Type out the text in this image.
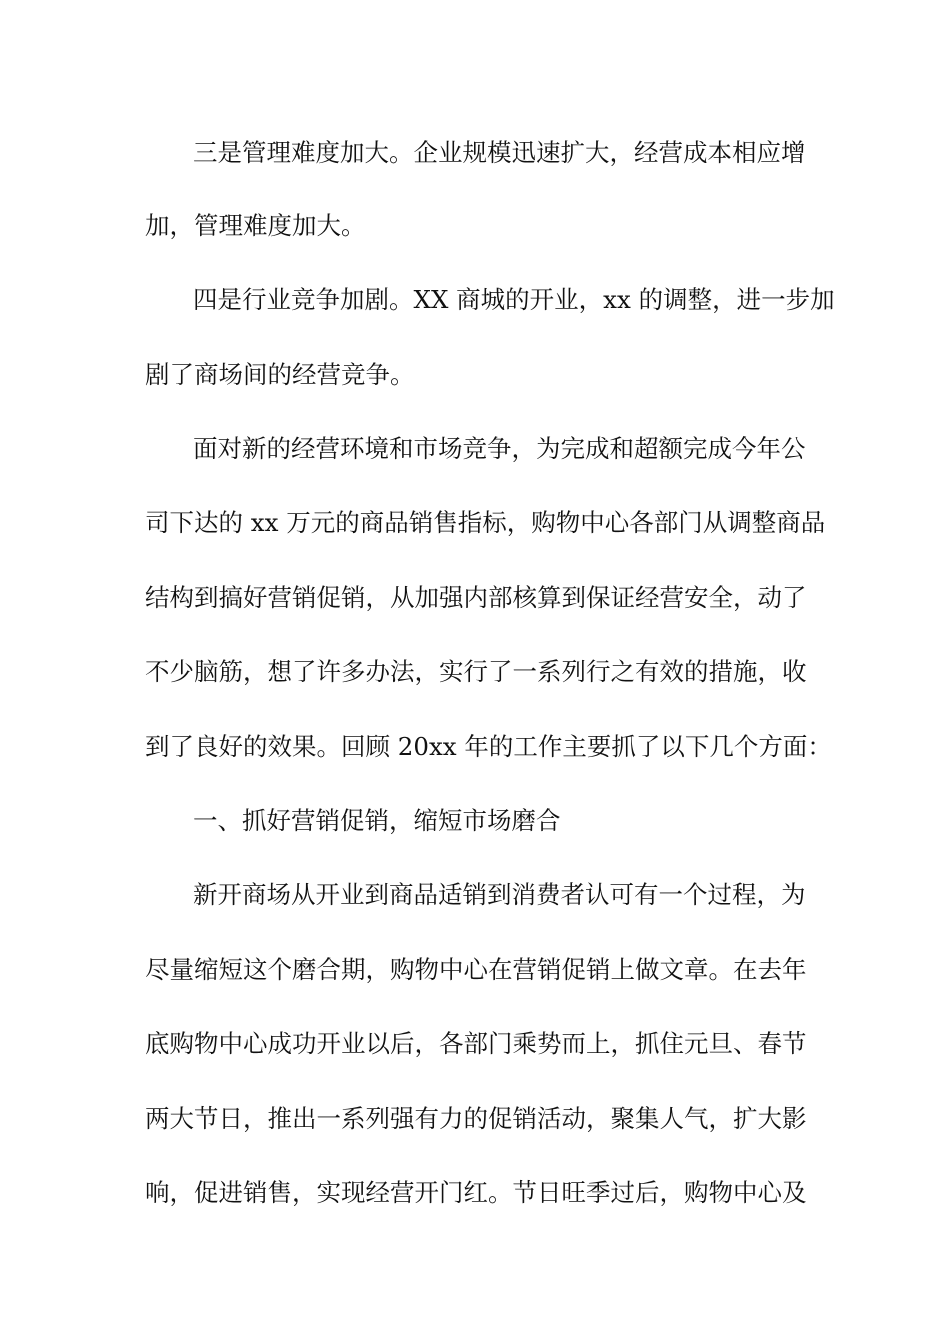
三是管理难度加大。企业规模迅速扩大，经营成本相应增
加，管理难度加大。
四是行业竞争加剧。XX 商城的开业，xx 的调整，进一步加
剧了商场间的经营竞争。
面对新的经营环境和市场竞争，为完成和超额完成今年公
司下达的 xx 万元的商品销售指标，购物中心各部门从调整商品
结构到搞好营销促销，从加强内部核算到保证经营安全，动了
不少脑筋，想了许多办法，实行了一系列行之有效的措施，收
到了良好的效果。回顾 20xx 年的工作主要抓了以下几个方面：
一、抓好营销促销，缩短市场磨合
新开商场从开业到商品适销到消费者认可有一个过程，为
尽量缩短这个磨合期，购物中心在营销促销上做文章。在去年
底购物中心成功开业以后，各部门乘势而上，抓住元旦、春节
两大节日，推出一系列强有力的促销活动，聚集人气，扩大影
响，促进销售，实现经营开门红。节日旺季过后，购物中心及
